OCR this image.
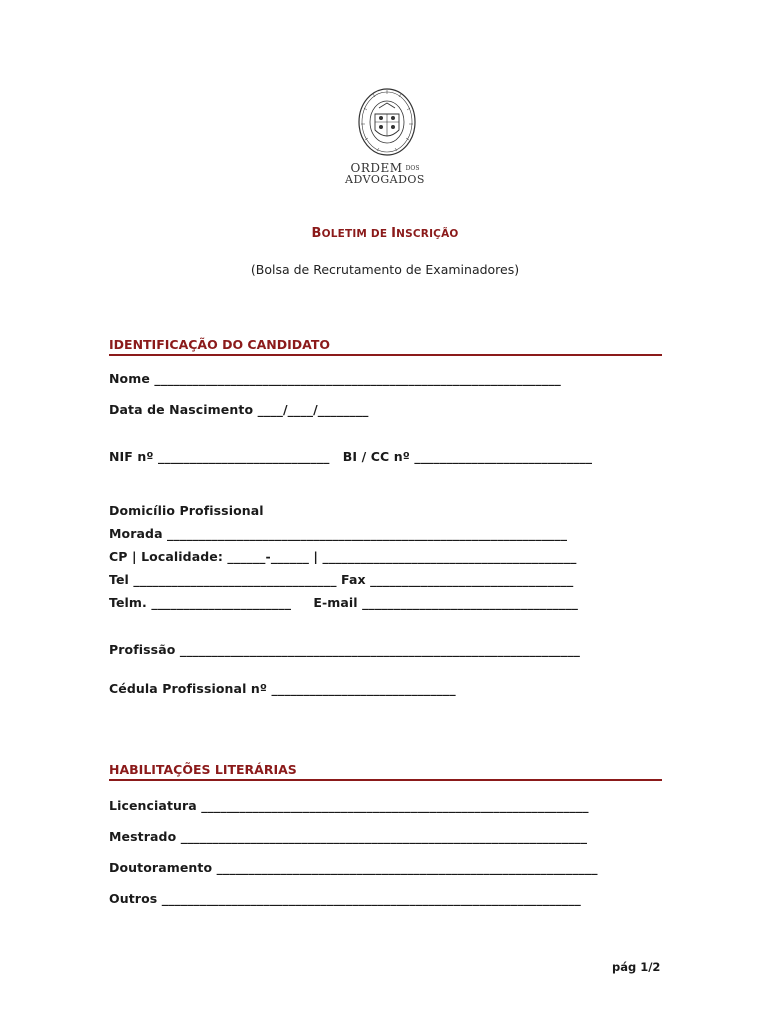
ORDEM DOS
ADVOGADOS
BOLETIM DE INSCRIÇÃO
(Bolsa de Recrutamento de Examinadores)
IDENTIFICAÇÃO DO CANDIDATO
Nome ________________________________________________________________
Data de Nascimento ____/____/________
NIF nº ___________________________   BI / CC nº ____________________________
Domicílio Profissional
Morada _______________________________________________________________
CP | Localidade: ______-______ | ________________________________________
Tel ________________________________ Fax ________________________________
Telm. ______________________     E-mail __________________________________
Profissão _______________________________________________________________
Cédula Profissional nº _____________________________
HABILITAÇÕES LITERÁRIAS
Licenciatura _____________________________________________________________
Mestrado ________________________________________________________________
Doutoramento ____________________________________________________________
Outros __________________________________________________________________
pág 1/2
